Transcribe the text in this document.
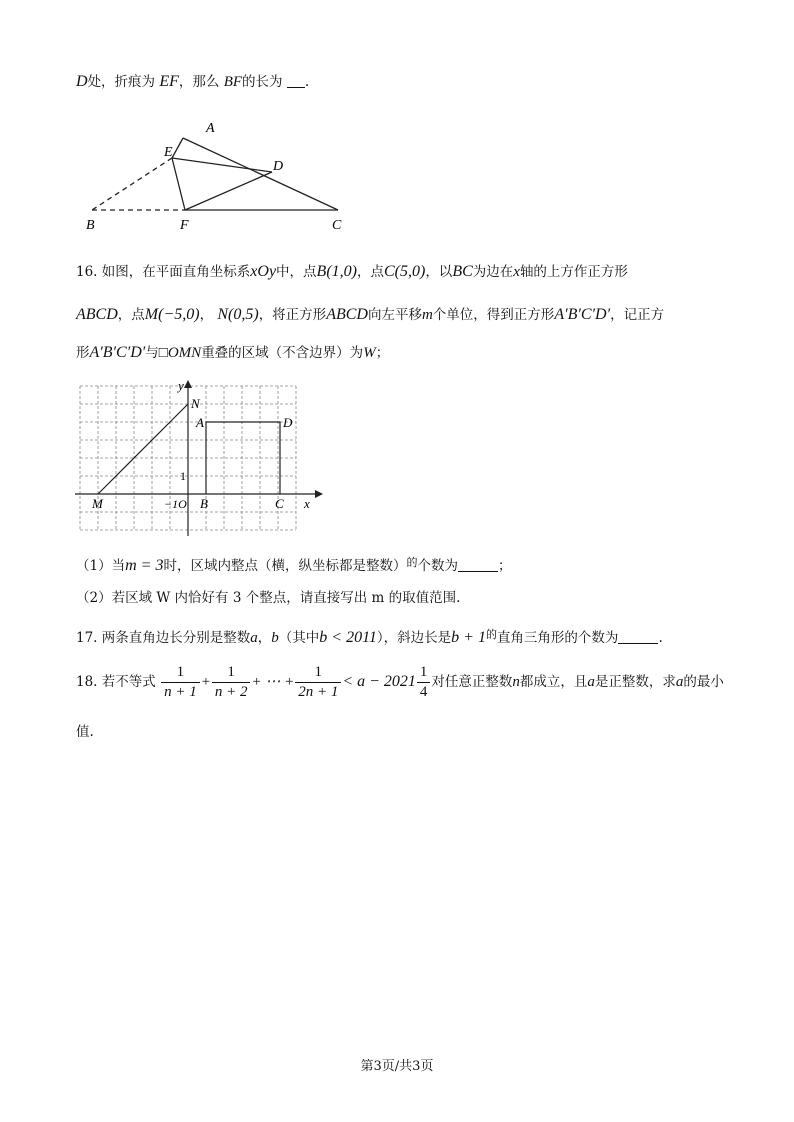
D处，折痕为 EF，那么 BF的长为 .
A
E
D
B	F	C
16. 如图，在平面直角坐标系xOy中，点B(1,0)，点C(5,0)，以BC为边在x轴的上方作正方形
ABCD，点M(−5,0)， N(0,5)，将正方形ABCD向左平移m个单位，得到正方形A′B′C′D′，记正方
形A′B′C′D′与□OMN重叠的区域（不含边界）为W；
y
x
N
A	D
1
M	−1O B	C
（1）当m = 3时，区域内整点（横，纵坐标都是整数）$^的$个数为	；
（2）若区域 W 内恰好有 3 个整点，请直接写出 m 的取值范围.
17. 两条直角边长分别是整数a，b（其中b < 2011），斜边长是$b + 1^的$直角三角形的个数为	.
18. 若不等式 $\frac{1}{n + 1} + \frac{1}{n + 2}$ + ⋯ + $\frac{1}{2n + 1} < a - 2021 \frac{1}{4}$ 对任意正整数n都成立，且a是正整数，求a的最小
值.
第3页/共3页
